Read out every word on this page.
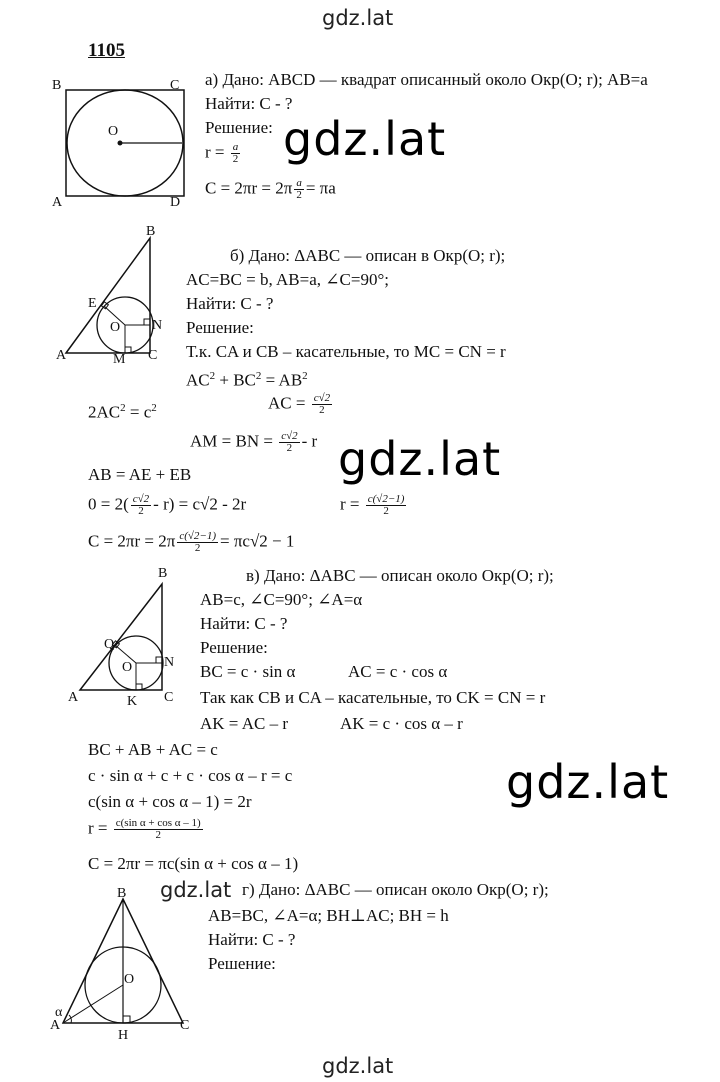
gdz.lat
gdz.lat
gdz.lat
gdz.lat
gdz.lat
gdz.lat
1105
B	C
O
A	D
а) Дано: ABCD — квадрат описанный около Окр(O; r); AB=a
Найти: C - ?
Решение:
$r = \frac{a}{2}$
$C = 2\pi r = 2\pi \frac{a}{2} = \pi a$
B
E
O N
A	M C
б) Дано: ΔABC — описан в Окр(O; r);
AC=BC = b, AB=a, ∠C=90°;
Найти: C - ?
Решение:
Т.к. CA и CB – касательные, то MC = CN = r
$AC^2 + BC^2 = AB^2$
$2AC^2 = c^2$	AC = $\frac{c√2}{2}$
AM = BN = $\frac{c√2}{2}$ - r
AB = AE + EB
$0 = 2( \frac{c√2}{2} - r) = c√2 - 2r$	$r = \frac{c(√2-1)}{2}$
$C = 2\pi r = 2\pi \frac{c(√2-1)}{2} = \pi c√2 - 1$
B
Q
O N
A	K C
в) Дано: ΔABC — описан около Окр(O; r);
AB=c, ∠C=90°; ∠A=α
Найти: C - ?
Решение:
BC = c · sin α	AC = c · cos α
Так как CB и CA – касательные, то CK = CN = r
AK = AC – r	AK = c · cos α – r
BC + AB + AC = c
c · sin α + c + c · cos α – r = c
c(sin α + cos α – 1) = 2r
$r = \frac{\text{c(sin α + cos α – 1)}}{2}$
C = 2πr = πc(sin α + cos α – 1)
B
O
α
A
H
C
г) Дано: ΔABC — описан около Окр(O; r);
AB=BC, ∠A=α; BH⊥AC; BH = h
Найти: C - ?
Решение:
